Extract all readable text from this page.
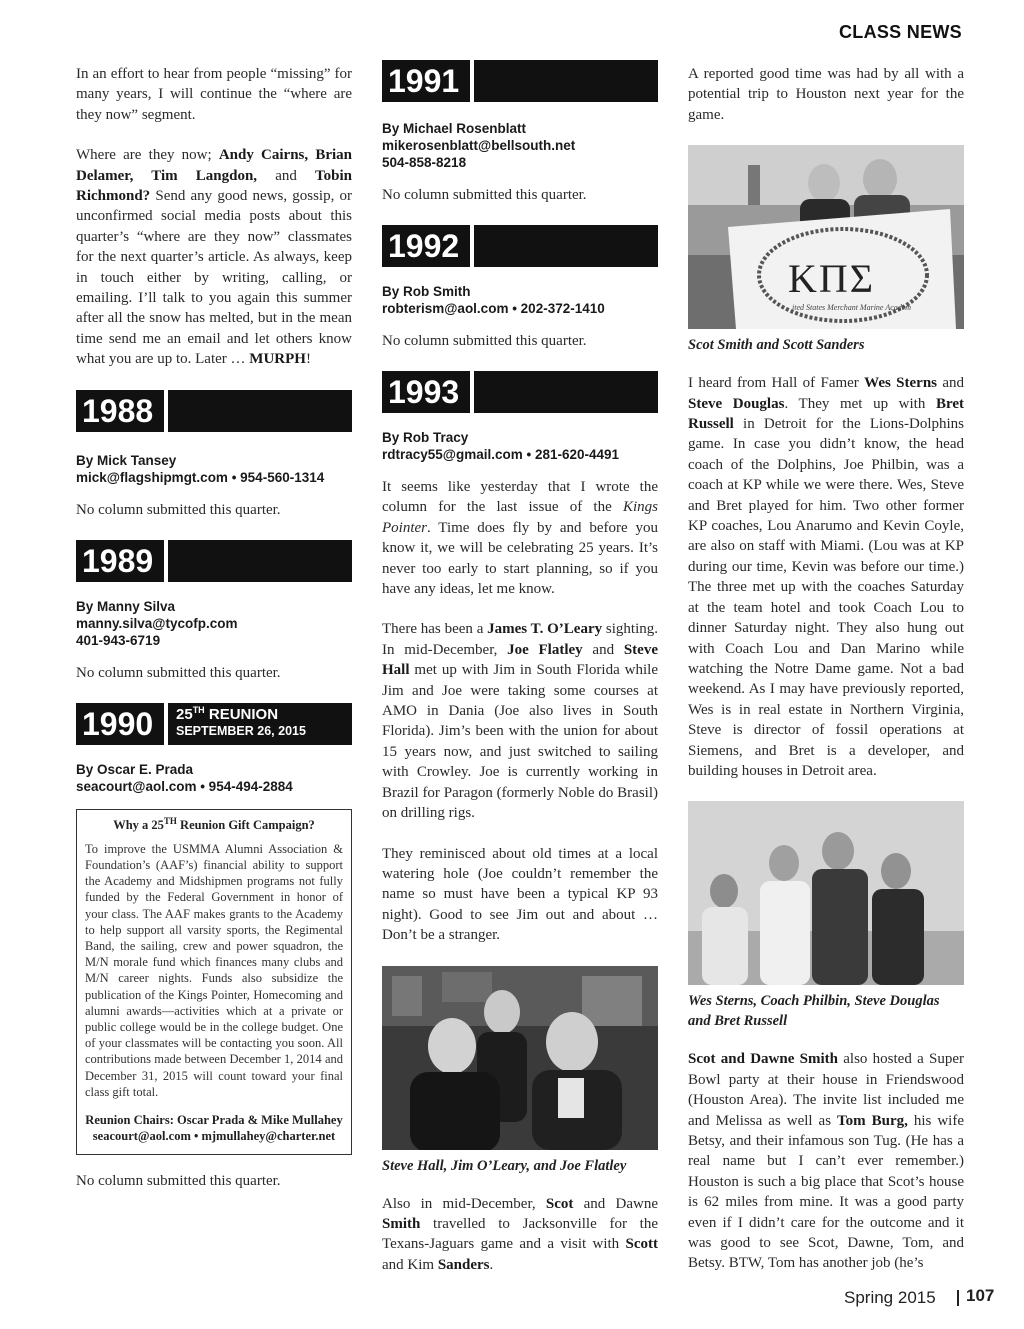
CLASS NEWS

In an effort to hear from people “missing” for many years, I will continue the “where are they now” segment.

Where are they now; Andy Cairns, Brian Delamer, Tim Langdon, and Tobin Richmond? Send any good news, gossip, or unconfirmed social media posts about this quarter’s “where are they now” classmates for the next quarter’s article. As always, keep in touch either by writing, calling, or emailing. I’ll talk to you again this summer after all the snow has melted, but in the mean time send me an email and let others know what you are up to. Later … MURPH!

1988
By Mick Tansey
mick@flagshipmgt.com • 954-560-1314
No column submitted this quarter.
1989
By Manny Silva
manny.silva@tycofp.com
401-943-6719
No column submitted this quarter.
1990	25TH REUNION
SEPTEMBER 26, 2015
By Oscar E. Prada
seacourt@aol.com • 954-494-2884
Why a 25TH Reunion Gift Campaign?

To improve the USMMA Alumni Association & Foundation’s (AAF’s) financial ability to support the Academy and Midshipmen programs not fully funded by the Federal Government in honor of your class. The AAF makes grants to the Academy to help support all varsity sports, the Regimental Band, the sailing, crew and power squadron, the M/N morale fund which finances many clubs and M/N career nights. Funds also subsidize the publication of the Kings Pointer, Homecoming and alumni awards—activities which at a private or public college would be in the college budget. One of your classmates will be contacting you soon. All contributions made between December 1, 2014 and December 31, 2015 will count toward your final class gift total.

Reunion Chairs: Oscar Prada & Mike Mullahey
seacourt@aol.com • mjmullahey@charter.net
No column submitted this quarter.
1991
By Michael Rosenblatt
mikerosenblatt@bellsouth.net
504-858-8218
No column submitted this quarter.
1992
By Rob Smith
robterism@aol.com • 202-372-1410
No column submitted this quarter.
1993
By Rob Tracy
rdtracy55@gmail.com • 281-620-4491

It seems like yesterday that I wrote the column for the last issue of the Kings Pointer. Time does fly by and before you know it, we will be celebrating 25 years. It’s never too early to start planning, so if you have any ideas, let me know.

There has been a James T. O’Leary sighting. In mid-December, Joe Flatley and Steve Hall met up with Jim in South Florida while Jim and Joe were taking some courses at AMO in Dania (Joe also lives in South Florida). Jim’s been with the union for about 15 years now, and just switched to sailing with Crowley. Joe is currently working in Brazil for Paragon (formerly Noble do Brasil) on drilling rigs.

They reminisced about old times at a local watering hole (Joe couldn’t remember the name so must have been a typical KP 93 night). Good to see Jim out and about … Don’t be a stranger.

Steve Hall, Jim O’Leary, and Joe Flatley

Also in mid-December, Scot and Dawne Smith travelled to Jacksonville for the Texans-Jaguars game and a visit with Scott and Kim Sanders.

A reported good time was had by all with a potential trip to Houston next year for the game.

ΚΠΣ
ited States Merchant Marine Academ
Scot Smith and Scott Sanders

I heard from Hall of Famer Wes Sterns and Steve Douglas. They met up with Bret Russell in Detroit for the Lions-Dolphins game. In case you didn’t know, the head coach of the Dolphins, Joe Philbin, was a coach at KP while we were there. Wes, Steve and Bret played for him. Two other former KP coaches, Lou Anarumo and Kevin Coyle, are also on staff with Miami. (Lou was at KP during our time, Kevin was before our time.) The three met up with the coaches Saturday at the team hotel and took Coach Lou to dinner Saturday night. They also hung out with Coach Lou and Dan Marino while watching the Notre Dame game. Not a bad weekend. As I may have previously reported, Wes is in real estate in Northern Virginia, Steve is director of fossil operations at Siemens, and Bret is a developer, and building houses in Detroit area.

Wes Sterns, Coach Philbin, Steve Douglas and Bret Russell

Scot and Dawne Smith also hosted a Super Bowl party at their house in Friendswood (Houston Area). The invite list included me and Melissa as well as Tom Burg, his wife Betsy, and their infamous son Tug. (He has a real name but I can’t ever remember.) Houston is such a big place that Scot’s house is 62 miles from mine. It was a good party even if I didn’t care for the outcome and it was good to see Scot, Dawne, Tom, and Betsy. BTW, Tom has another job (he’s

Spring 2015 107
